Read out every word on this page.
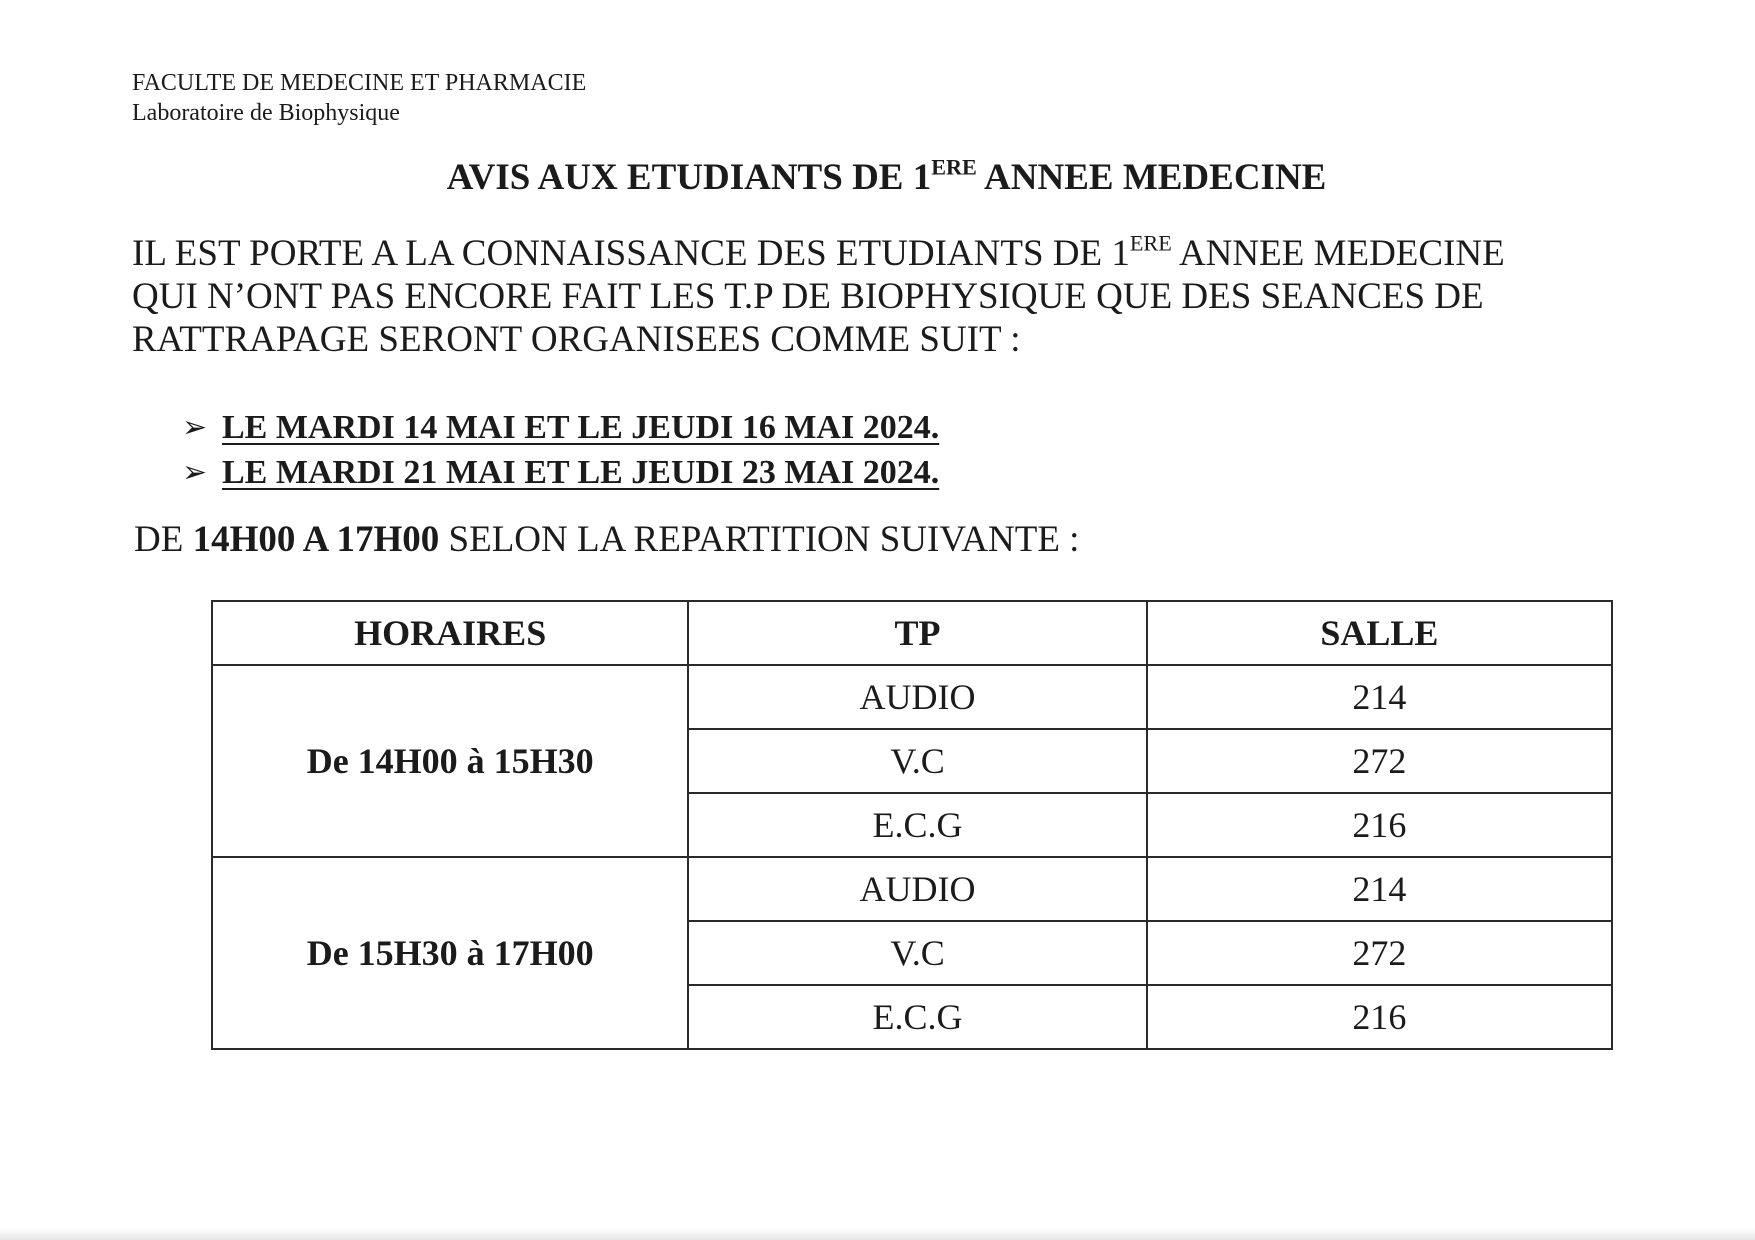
FACULTE DE MEDECINE ET PHARMACIE
Laboratoire de Biophysique
AVIS AUX ETUDIANTS DE 1ERE ANNEE MEDECINE
IL EST PORTE A LA CONNAISSANCE DES ETUDIANTS DE 1ERE ANNEE MEDECINE
QUI N’ONT PAS ENCORE FAIT LES T.P DE BIOPHYSIQUE QUE DES SEANCES DE
RATTRAPAGE SERONT ORGANISEES COMME SUIT :
➢ LE MARDI 14 MAI ET LE JEUDI 16 MAI 2024.
➢ LE MARDI 21 MAI ET LE JEUDI 23 MAI 2024.
DE 14H00 A 17H00 SELON LA REPARTITION SUIVANTE :
HORAIRES	TP	SALLE
De 14H00 à 15H30	AUDIO	214
	V.C	272
	E.C.G	216
De 15H30 à 17H00	AUDIO	214
	V.C	272
	E.C.G	216
